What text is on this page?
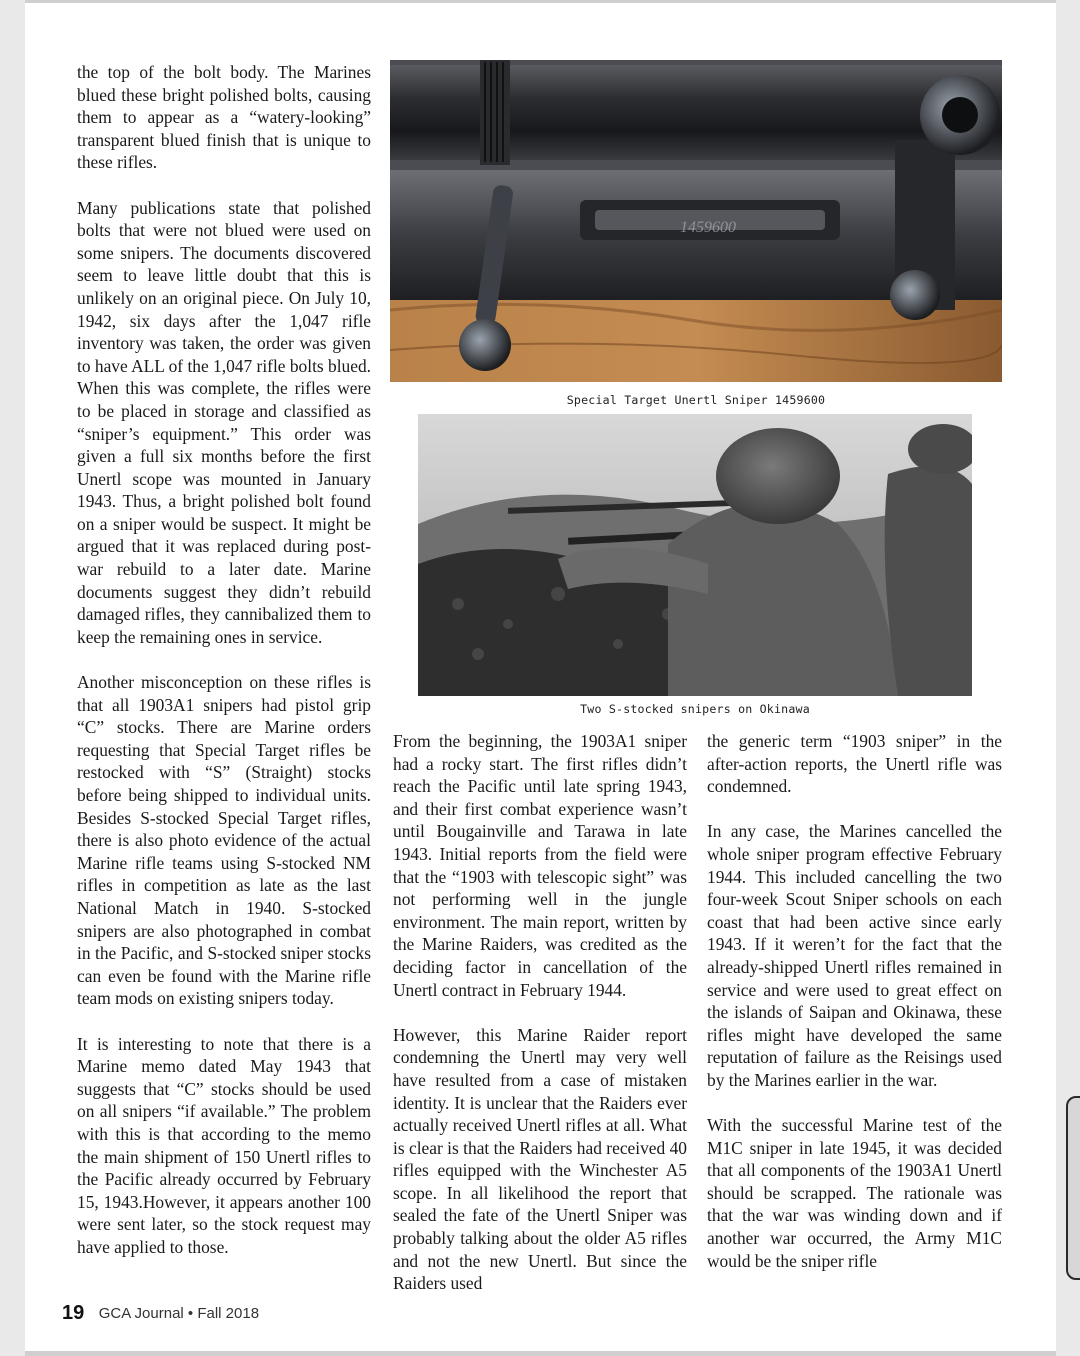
the top of the bolt body. The Marines blued these bright polished bolts, causing them to appear as a “watery-looking” transparent blued finish that is unique to these rifles.

Many publications state that polished bolts that were not blued were used on some snipers. The documents discovered seem to leave little doubt that this is unlikely on an original piece. On July 10, 1942, six days after the 1,047 rifle inventory was taken, the order was given to have ALL of the 1,047 rifle bolts blued. When this was complete, the rifles were to be placed in storage and classified as “sniper’s equipment.” This order was given a full six months before the first Unertl scope was mounted in January 1943. Thus, a bright polished bolt found on a sniper would be suspect. It might be argued that it was replaced during post-war rebuild to a later date. Marine documents suggest they didn’t rebuild damaged rifles, they cannibalized them to keep the remaining ones in service.

Another misconception on these rifles is that all 1903A1 snipers had pistol grip “C” stocks. There are Marine orders requesting that Special Target rifles be restocked with “S” (Straight) stocks before being shipped to individual units. Besides S-stocked Special Target rifles, there is also photo evidence of the actual Marine rifle teams using S-stocked NM rifles in competition as late as the last National Match in 1940. S-stocked snipers are also photographed in combat in the Pacific, and S-stocked sniper stocks can even be found with the Marine rifle team mods on existing snipers today.

It is interesting to note that there is a Marine memo dated May 1943 that suggests that “C” stocks should be used on all snipers “if available.” The problem with this is that according to the memo the main shipment of 150 Unertl rifles to the Pacific already occurred by February 15, 1943.However, it appears another 100 were sent later, so the stock request may have applied to those.

1459600
Special Target Unertl Sniper 1459600
Two S-stocked snipers on Okinawa

From the beginning, the 1903A1 sniper had a rocky start. The first rifles didn’t reach the Pacific until late spring 1943, and their first combat experience wasn’t until Bougainville and Tarawa in late 1943. Initial reports from the field were that the “1903 with telescopic sight” was not performing well in the jungle environment. The main report, written by the Marine Raiders, was credited as the deciding factor in cancellation of the Unertl contract in February 1944.

However, this Marine Raider report condemning the Unertl may very well have resulted from a case of mistaken identity. It is unclear that the Raiders ever actually received Unertl rifles at all. What is clear is that the Raiders had received 40 rifles equipped with the Winchester A5 scope. In all likelihood the report that sealed the fate of the Unertl Sniper was probably talking about the older A5 rifles and not the new Unertl. But since the Raiders used

the generic term “1903 sniper” in the after-action reports, the Unertl rifle was condemned.

In any case, the Marines cancelled the whole sniper program effective February 1944. This included cancelling the two four-week Scout Sniper schools on each coast that had been active since early 1943. If it weren’t for the fact that the already-shipped Unertl rifles remained in service and were used to great effect on the islands of Saipan and Okinawa, these rifles might have developed the same reputation of failure as the Reisings used by the Marines earlier in the war.

With the successful Marine test of the M1C sniper in late 1945, it was decided that all components of the 1903A1 Unertl should be scrapped. The rationale was that the war was winding down and if another war occurred, the Army M1C would be the sniper rifle

19 GCA Journal • Fall 2018
